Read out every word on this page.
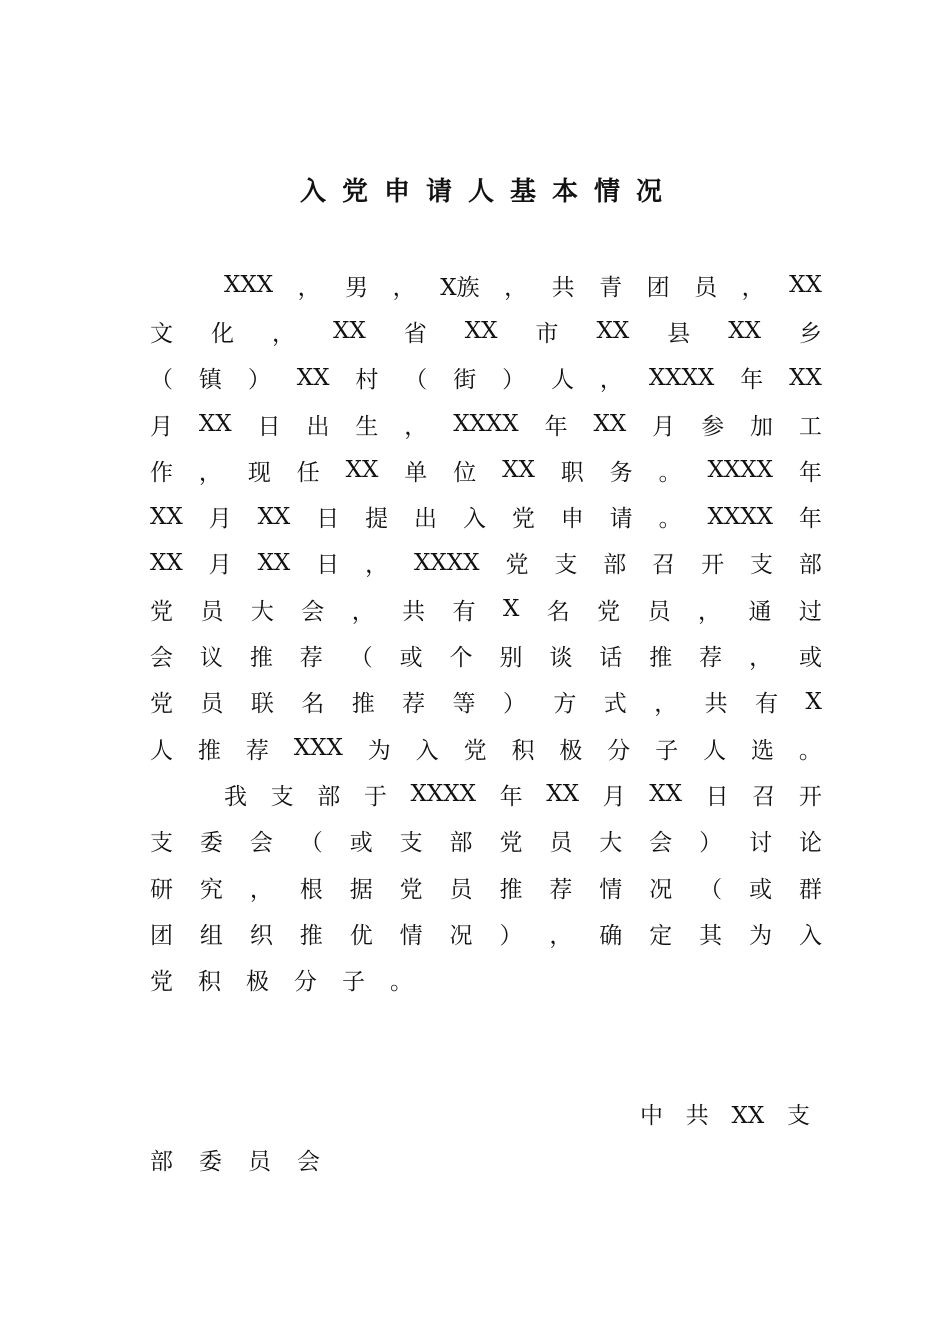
入党申请人基本情况
XXX ， 男 ， X族 ， 共 青 团 员 ， XX
文 化 ， XX 省 XX 市 XX 县 XX 乡
（ 镇 ） XX 村 （ 街 ） 人 ， XXXX 年 XX
月 XX 日 出 生 ， XXXX 年 XX 月 参 加 工
作 ， 现 任 XX 单 位 XX 职 务 。 XXXX 年
XX 月 XX 日 提 出 入 党 申 请 。 XXXX 年
XX 月 XX 日 ， XXXX 党 支 部 召 开 支 部
党 员 大 会 ， 共 有 X 名 党 员 ， 通 过
会 议 推 荐 （ 或 个 别 谈 话 推 荐 ， 或
党 员 联 名 推 荐 等 ） 方 式 ， 共 有 X
人 推 荐 XXX 为 入 党 积 极 分 子 人 选 。
我 支 部 于 XXXX 年 XX 月 XX 日 召 开
支 委 会 （ 或 支 部 党 员 大 会 ） 讨 论
研 究 ， 根 据 党 员 推 荐 情 况 （ 或 群
团 组 织 推 优 情 况 ） ， 确 定 其 为 入
党 积 极 分 子 。
中 共 XX 支
部 委 员 会
